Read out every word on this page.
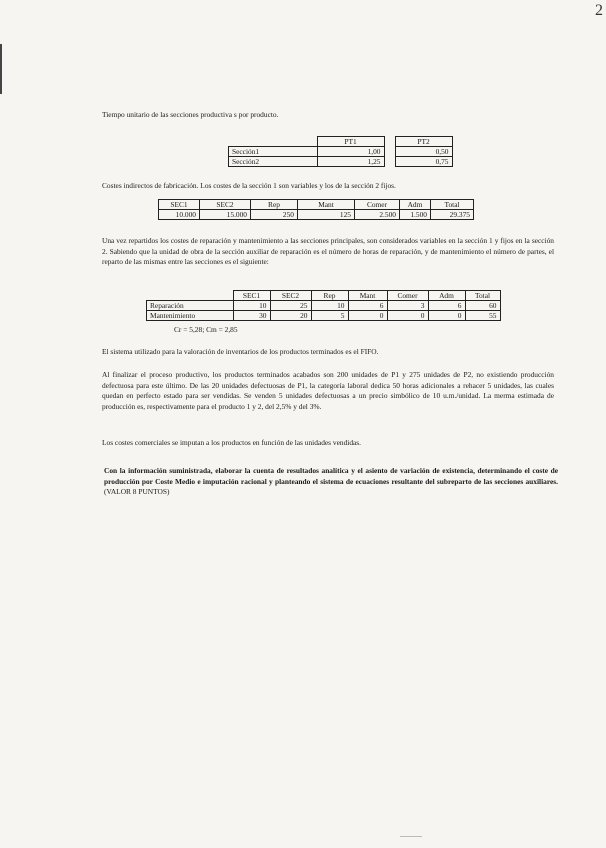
2

Tiempo unitario de las secciones productiva s por producto.

	PT1		PT2
Sección1	1,00		0,50
Sección2	1,25		0,75

Costes indirectos de fabricación. Los costes de la sección 1 son variables y los de la sección 2 fijos.

SEC1	SEC2	Rep	Mant	Comer	Adm	Total
10.000	15.000	250	125	2.500	1.500	29.375

Una vez repartidos los costes de reparación y mantenimiento a las secciones principales, son considerados variables en la sección 1 y fijos en la sección 2. Sabiendo que la unidad de obra de la sección auxiliar de reparación es el número de horas de reparación, y de mantenimiento el número de partes, el reparto de las mismas entre las secciones es el siguiente:

	SEC1	SEC2	Rep	Mant	Comer	Adm	Total
Reparación	10	25	10	6	3	6	60
Mantenimiento	30	20	5	0	0	0	55
Cr = 5,28; Cm = 2,85

El sistema utilizado para la valoración de inventarios de los productos terminados es el FIFO.

Al finalizar el proceso productivo, los productos terminados acabados son 200 unidades de P1 y 275 unidades de P2, no existiendo producción defectuosa para este último. De las 20 unidades defectuosas de P1, la categoría laboral dedica 50 horas adicionales a rehacer 5 unidades, las cuales quedan en perfecto estado para ser vendidas. Se venden 5 unidades defectuosas a un precio simbólico de 10 u.m./unidad. La merma estimada de producción es, respectivamente para el producto 1 y 2, del 2,5% y del 3%.

Los costes comerciales se imputan a los productos en función de las unidades vendidas.

Con la información suministrada, elaborar la cuenta de resultados analítica y el asiento de variación de existencia, determinando el coste de producción por Coste Medio e imputación racional y planteando el sistema de ecuaciones resultante del subreparto de las secciones auxiliares. (VALOR 8 PUNTOS)
